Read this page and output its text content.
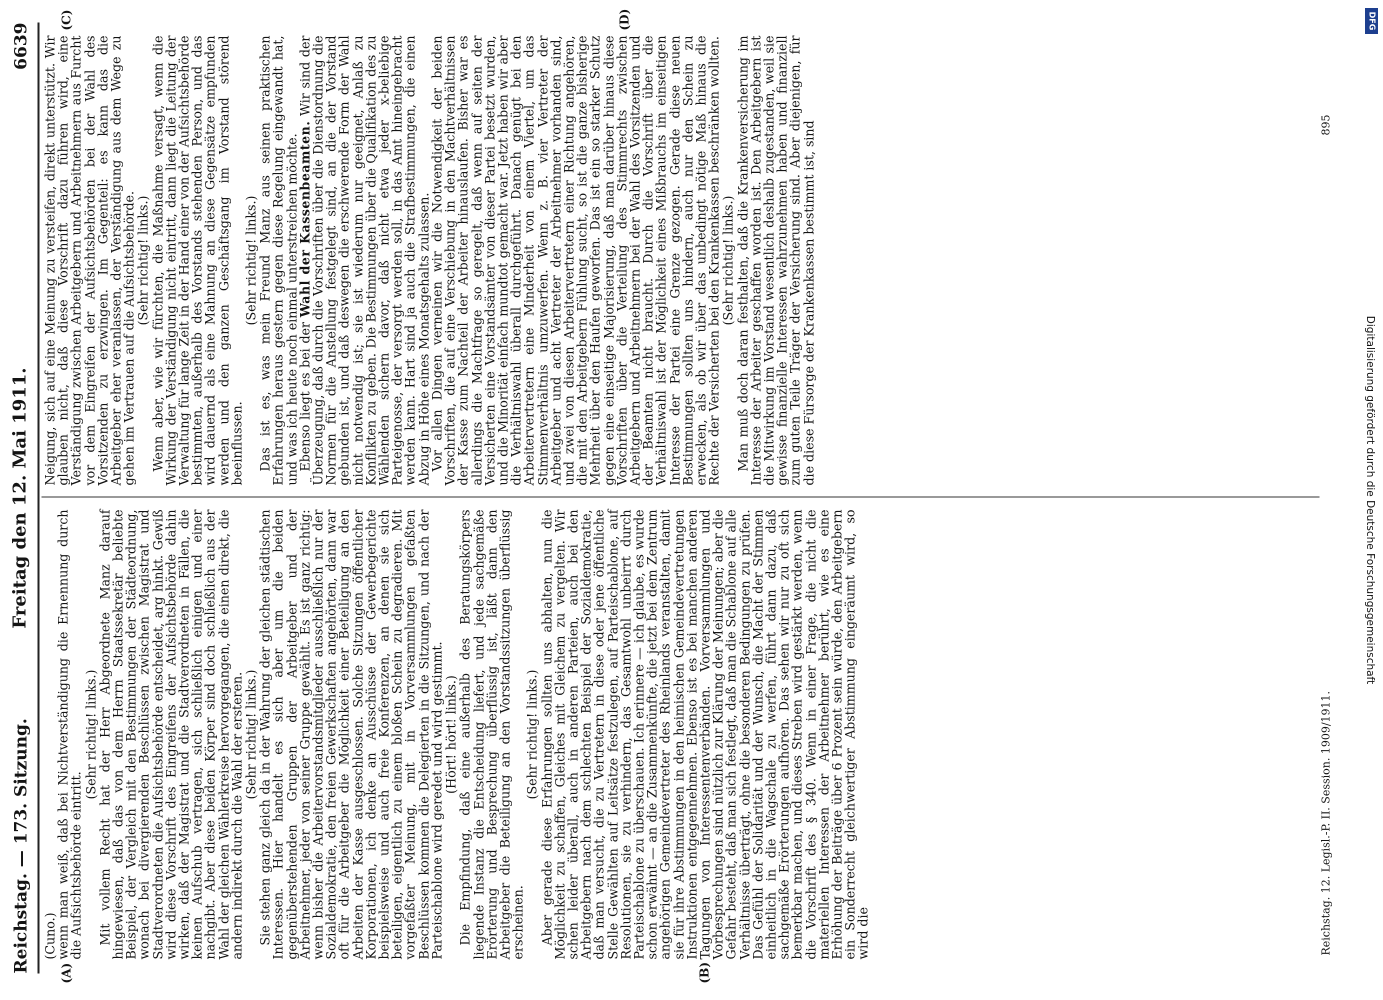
Reichstag. — 173. Sitzung.
Freitag den 12. Mai 1911.
6639
(A)	(B)
(C)	(D)

(Cuno.)

wenn man weiß, daß bei Nichtverständigung die Ernennung durch die Aufsichtsbehörde eintritt.

(Sehr richtig! links.) Mit vollem Recht hat der Herr Abgeordnete Manz darauf hingewiesen, daß das von dem Herrn Staatssekretär beliebte Beispiel, der Vergleich mit den Bestimmungen der Städteordnung, wonach bei divergierenden Beschlüssen zwischen Magistrat und Stadtverordneten die Aufsichtsbehörde entscheidet, arg hinkt. Gewiß wird diese Vorschrift des Eingreifens der Aufsichtsbehörde dahin wirken, daß der Magistrat und die Stadtverordneten in Fällen, die keinen Aufschub vertragen, sich schließlich einigen und einer nachgibt. Aber diese beiden Körper sind doch schließlich aus der Wahl der gleichen Wählerkreise hervorgegangen, die einen direkt, die andern indirekt durch die Wahl der ersteren. (Sehr richtig! links.) Sie stehen ganz gleich da in der Wahrung der gleichen städtischen Interessen. Hier handelt es sich aber um die beiden gegenüberstehenden Gruppen der Arbeitgeber und der Arbeitnehmer, jeder von seiner Gruppe gewählt. Es ist ganz richtig: wenn bisher die Arbeitervorstandsmitglieder ausschließlich nur der Sozialdemokratie, den freien Gewerkschaften angehörten, dann war oft für die Arbeitgeber die Möglichkeit einer Beteiligung an den Arbeiten der Kasse ausgeschlossen. Solche Sitzungen öffentlicher Korporationen, ich denke an Ausschüsse der Gewerbegerichte beispielsweise und auch freie Konferenzen, an denen sie sich beteiligen, eigentlich zu einem bloßen Schein zu degradieren. Mit vorgefaßter Meinung, mit in Vorversammlungen gefaßten Beschlüssen kommen die Delegierten in die Sitzungen, und nach der Parteischablone wird geredet und wird gestimmt. (Hört! hört! links.) Die Empfindung, daß eine außerhalb des Beratungskörpers liegende Instanz die Entscheidung liefert, und jede sachgemäße Erörterung und Besprechung überflüssig ist, läßt dann den Arbeitgeber die Beteiligung an den Vorstandssitzungen überflüssig erscheinen.

(Sehr richtig! links.) Aber gerade diese Erfahrungen sollten uns abhalten, nun die Möglichkeit zu schaffen, Gleiches mit Gleichem zu vergelten. Wir schen leider überall, auch in anderen Parteien, auch bei den Arbeitgebern nach dem schlechten Beispiel der Sozialdemokratie, daß man versucht, die zu Vertretern in diese oder jene öffentliche Stelle Gewählten auf Leitsätze festzulegen, auf Parteischablone, auf Resolutionen, sie zu verhindern, das Gesamtwohl unbeirrt durch Parteischablone zu überschauen. Ich erinnere — ich glaube, es wurde schon erwähnt — an die Zusammenkünfte, die jetzt bei dem Zentrum angehörigen Gemeindevertreter des Rheinlands veranstalten, damit sie für ihre Abstimmungen in den heimischen Gemeindevertretungen Instruktionen entgegennehmen. Ebenso ist es bei manchen anderen Tagungen von Interessentenverbänden. Vorversammlungen und Vorbesprechungen sind nützlich zur Klärung der Meinungen; aber die Gefahr besteht, daß man sich festlegt, daß man die Schablone auf alle Verhältnisse überträgt, ohne die besonderen Bedingungen zu prüfen. Das Gefühl der Solidarität und der Wunsch, die Macht der Stimmen einheitlich in die Wagschale zu werfen, führt dann dazu, daß sachgemäße Erörterungen aufhören. Das sehen wir nur zu oft sich bemerkbar machen, und dieses Streben wird gestärkt werden, wenn die Vorschrift des § 340. Wenn in einer Frage, die nicht die materiellen Interessen der Arbeitnehmer berührt, wie es eine Erhöhung der Beiträge über 6 Prozent sein würde, den Arbeitgebern ein Sonderrecht gleichwertiger Abstimmung eingeräumt wird, so wird die

Neigung, sich auf eine Meinung zu versteifen, direkt unterstützt. Wir glauben nicht, daß diese Vorschrift dazu führen wird, eine Verständigung zwischen Arbeitgebern und Arbeitnehmern aus Furcht vor dem Eingreifen der Aufsichtsbehörden bei der Wahl des Vorsitzenden zu erzwingen. Im Gegenteil: es kann das die Arbeitgeber eher veranlassen, der Verständigung aus dem Wege zu gehen im Vertrauen auf die Aufsichtsbehörde. (Sehr richtig! links.) Wenn aber, wie wir fürchten, die Maßnahme versagt, wenn die Wirkung der Verständigung nicht eintritt, dann liegt die Leitung der Verwaltung für lange Zeit in der Hand einer von der Aufsichtsbehörde bestimmten, außerhalb des Vorstands stehenden Person, und das wird dauernd als eine Mahnung an diese Gegensätze empfunden werden und den ganzen Geschäftsgang im Vorstand störend beeinflussen.

(Sehr richtig! links.) Das ist es, was mein Freund Manz aus seinen praktischen Erfahrungen heraus gestern gegen diese Regelung eingewandt hat, und was ich heute noch einmal unterstreichen möchte.

Ebenso liegt es bei der Wahl der Kassenbeamten. Wir sind der Überzeugung, daß durch die Vorschriften über die Dienstordnung die Normen für die Anstellung festgelegt sind, an die der Vorstand gebunden ist, und daß deswegen die erschwerende Form der Wahl nicht notwendig ist; sie ist wiederum nur geeignet, Anlaß zu Konflikten zu geben. Die Bestimmungen über die Qualifikation des zu Wählenden sichern davor, daß nicht etwa jeder x-beliebige Parteigenosse, der versorgt werden soll, in das Amt hineingebracht werden kann. Hart sind ja auch die Strafbestimmungen, die einen Abzug in Höhe eines Monatsgehalts zulassen.

Vor allen Dingen verneinen wir die Notwendigkeit der beiden Vorschriften, die auf eine Verschiebung in den Machtverhältnissen der Kasse zum Nachteil der Arbeiter hinauslaufen. Bisher war es allerdings die Machtfrage so geregelt, daß wenn auf seiten der Versicherten eine Vorstandsämter von dieser Partei besetzt wurden, und die Minorität einfach mundtot gemacht war. Jetzt haben wir aber die Verhältniswahl überall durchgeführt. Danach genügt bei den Arbeitervertretern eine Minderheit von einem Viertel, um das Stimmenverhältnis umzuwerfen. Wenn z. B. vier Vertreter der Arbeitgeber und acht Vertreter der Arbeitnehmer vorhanden sind, und zwei von diesen Arbeitervertretern einer Richtung angehören, die mit den Arbeitgebern Fühlung sucht, so ist die ganze bisherige Mehrheit über den Haufen geworfen. Das ist ein so starker Schutz gegen eine einseitige Majorisierung, daß man darüber hinaus diese Vorschriften über die Verteilung des Stimmrechts zwischen Arbeitgebern und Arbeitnehmern bei der Wahl des Vorsitzenden und der Beamten nicht braucht. Durch die Vorschrift über die Verhältniswahl ist der Möglichkeit eines Mißbrauchs im einseitigen Interesse der Partei eine Grenze gezogen. Gerade diese neuen Bestimmungen sollten uns hindern, auch nur den Schein zu erwecken, als ob wir über das unbedingt nötige Maß hinaus die Rechte der Versicherten bei den Krankenkassen beschränken wollten. (Sehr richtig! links.) Man muß doch daran festhalten, daß die Krankenversicherung im Interesse der Arbeiter geschaffen worden ist. Den Arbeitgebern ist die Mitwirkung im Vorstand wesentlich deshalb zugestanden, weil sie gewisse finanzielle Interessen wahrzunehmen haben und finanziell zum guten Teile Träger der Versicherung sind. Aber diejenigen, für die diese Fürsorge der Krankenkassen bestimmt ist, sind

Reichstag. 12. Legisl.-P. II. Session. 1909/1911.
895
Digitalisierung gefördert durch die Deutsche Forschungsgemeinschaft
DFG
